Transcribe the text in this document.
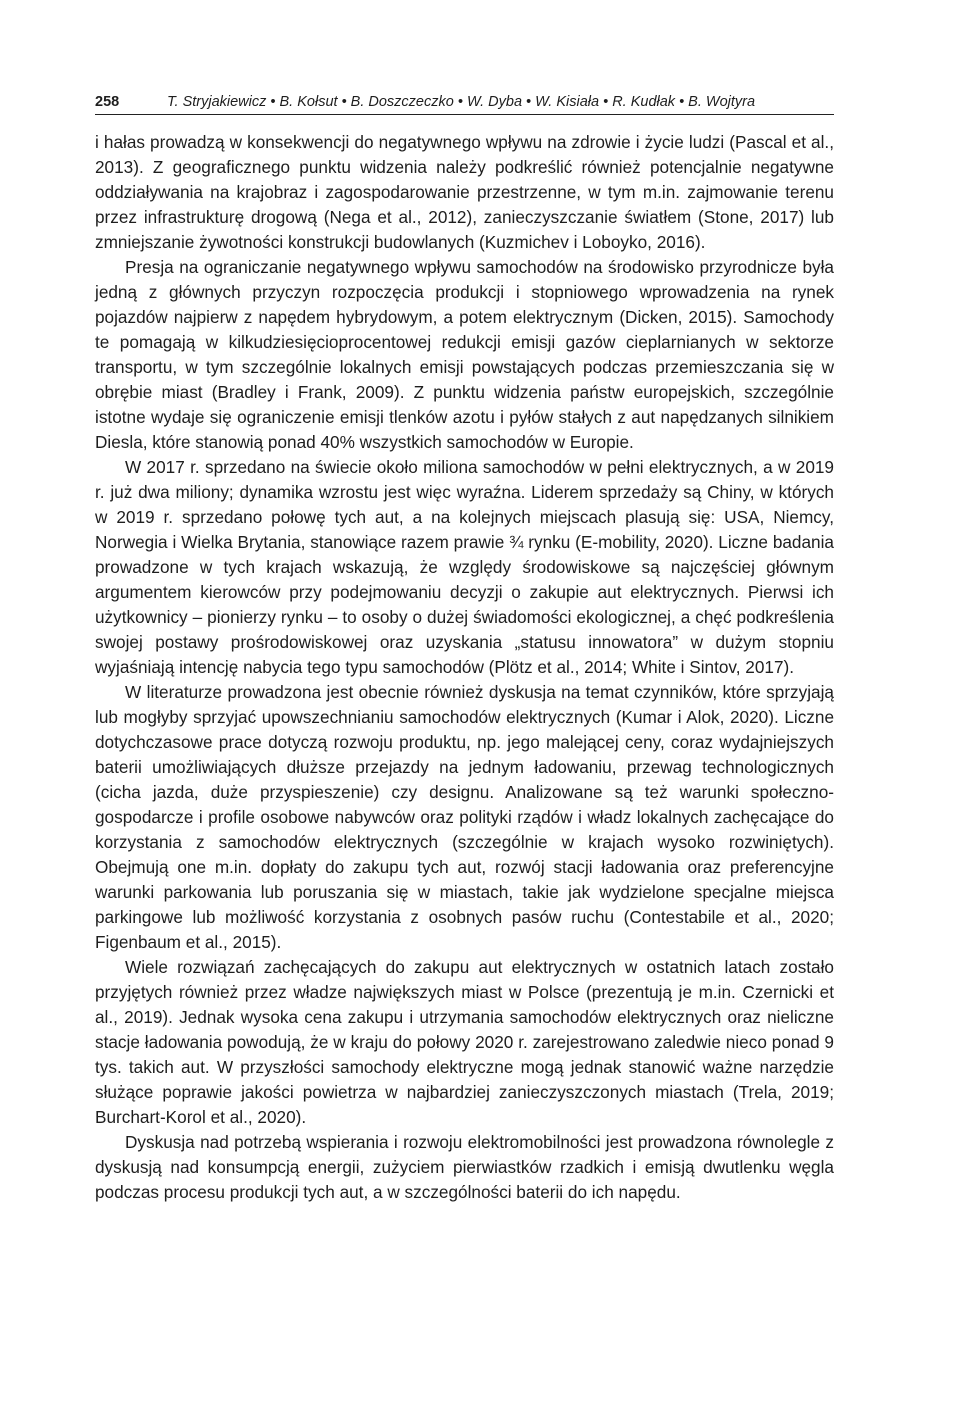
258	T. Stryjakiewicz • B. Kołsut • B. Doszczeczko • W. Dyba • W. Kisiała • R. Kudłak • B. Wojtyra

i hałas prowadzą w konsekwencji do negatywnego wpływu na zdrowie i życie ludzi (Pascal et al., 2013). Z geograficznego punktu widzenia należy podkreślić również potencjalnie negatywne oddziaływania na krajobraz i zagospodarowanie przestrzenne, w tym m.in. zajmowanie terenu przez infrastrukturę drogową (Nega et al., 2012), zanieczyszczanie światłem (Stone, 2017) lub zmniejszanie żywotności konstrukcji budowlanych (Kuzmichev i Loboyko, 2016).

Presja na ograniczanie negatywnego wpływu samochodów na środowisko przyrodnicze była jedną z głównych przyczyn rozpoczęcia produkcji i stopniowego wprowadzenia na rynek pojazdów najpierw z napędem hybrydowym, a potem elektrycznym (Dicken, 2015). Samochody te pomagają w kilkudziesięcioprocentowej redukcji emisji gazów cieplarnianych w sektorze transportu, w tym szczególnie lokalnych emisji powstających podczas przemieszczania się w obrębie miast (Bradley i Frank, 2009). Z punktu widzenia państw europejskich, szczególnie istotne wydaje się ograniczenie emisji tlenków azotu i pyłów stałych z aut napędzanych silnikiem Diesla, które stanowią ponad 40% wszystkich samochodów w Europie.

W 2017 r. sprzedano na świecie około miliona samochodów w pełni elektrycznych, a w 2019 r. już dwa miliony; dynamika wzrostu jest więc wyraźna. Liderem sprzedaży są Chiny, w których w 2019 r. sprzedano połowę tych aut, a na kolejnych miejscach plasują się: USA, Niemcy, Norwegia i Wielka Brytania, stanowiące razem prawie ¾ rynku (E-mobility, 2020). Liczne badania prowadzone w tych krajach wskazują, że względy środowiskowe są najczęściej głównym argumentem kierowców przy podejmowaniu decyzji o zakupie aut elektrycznych. Pierwsi ich użytkownicy – pionierzy rynku – to osoby o dużej świadomości ekologicznej, a chęć podkreślenia swojej postawy prośrodowiskowej oraz uzyskania „statusu innowatora” w dużym stopniu wyjaśniają intencję nabycia tego typu samochodów (Plötz et al., 2014; White i Sintov, 2017).

W literaturze prowadzona jest obecnie również dyskusja na temat czynników, które sprzyjają lub mogłyby sprzyjać upowszechnianiu samochodów elektrycznych (Kumar i Alok, 2020). Liczne dotychczasowe prace dotyczą rozwoju produktu, np. jego malejącej ceny, coraz wydajniejszych baterii umożliwiających dłuższe przejazdy na jednym ładowaniu, przewag technologicznych (cicha jazda, duże przyspieszenie) czy designu. Analizowane są też warunki społeczno-gospodarcze i profile osobowe nabywców oraz polityki rządów i władz lokalnych zachęcające do korzystania z samochodów elektrycznych (szczególnie w krajach wysoko rozwiniętych). Obejmują one m.in. dopłaty do zakupu tych aut, rozwój stacji ładowania oraz preferencyjne warunki parkowania lub poruszania się w miastach, takie jak wydzielone specjalne miejsca parkingowe lub możliwość korzystania z osobnych pasów ruchu (Contestabile et al., 2020; Figenbaum et al., 2015).

Wiele rozwiązań zachęcających do zakupu aut elektrycznych w ostatnich latach zostało przyjętych również przez władze największych miast w Polsce (prezentują je m.in. Czernicki et al., 2019). Jednak wysoka cena zakupu i utrzymania samochodów elektrycznych oraz nieliczne stacje ładowania powodują, że w kraju do połowy 2020 r. zarejestrowano zaledwie nieco ponad 9 tys. takich aut. W przyszłości samochody elektryczne mogą jednak stanowić ważne narzędzie służące poprawie jakości powietrza w najbardziej zanieczyszczonych miastach (Trela, 2019; Burchart-Korol et al., 2020).

Dyskusja nad potrzebą wspierania i rozwoju elektromobilności jest prowadzona równolegle z dyskusją nad konsumpcją energii, zużyciem pierwiastków rzadkich i emisją dwutlenku węgla podczas procesu produkcji tych aut, a w szczególności baterii do ich napędu.
